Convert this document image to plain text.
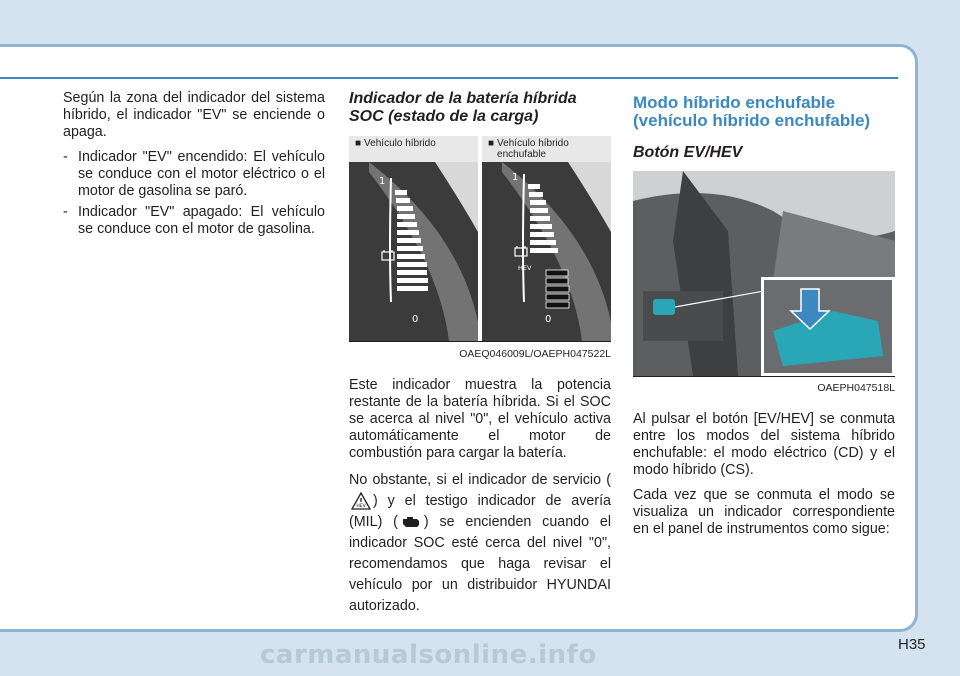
Según la zona del indicador del sistema híbrido, el indicador "EV" se enciende o apaga.

- Indicador "EV" encendido: El vehículo se conduce con el motor eléctrico o el motor de gasolina se paró.
- Indicador "EV" apagado: El vehículo se conduce con el motor de gasolina.
Indicador de la batería híbrida SOC (estado de la carga)
■ Vehículo híbrido
1
0
■ Vehículo híbrido enchufable
1
0
HEV
OAEQ046009L/OAEPH047522L

Este indicador muestra la potencia restante de la batería híbrida. Si el SOC se acerca al nivel "0", el vehículo activa automáticamente el motor de combustión para cargar la batería.

No obstante, si el indicador de servicio (
HEV ) y el testigo indicador de avería (MIL) ( ) se encienden cuando el indicador SOC esté cerca del nivel "0", recomendamos que haga revisar el vehículo por un distribuidor HYUNDAI autorizado.

Modo híbrido enchufable (vehículo híbrido enchufable)
Botón EV/HEV
OAEPH047518L

Al pulsar el botón [EV/HEV] se conmuta entre los modos del sistema híbrido enchufable: el modo eléctrico (CD) y el modo híbrido (CS).

Cada vez que se conmuta el modo se visualiza un indicador correspondiente en el panel de instrumentos como sigue:

H35
carmanualsonline.info
